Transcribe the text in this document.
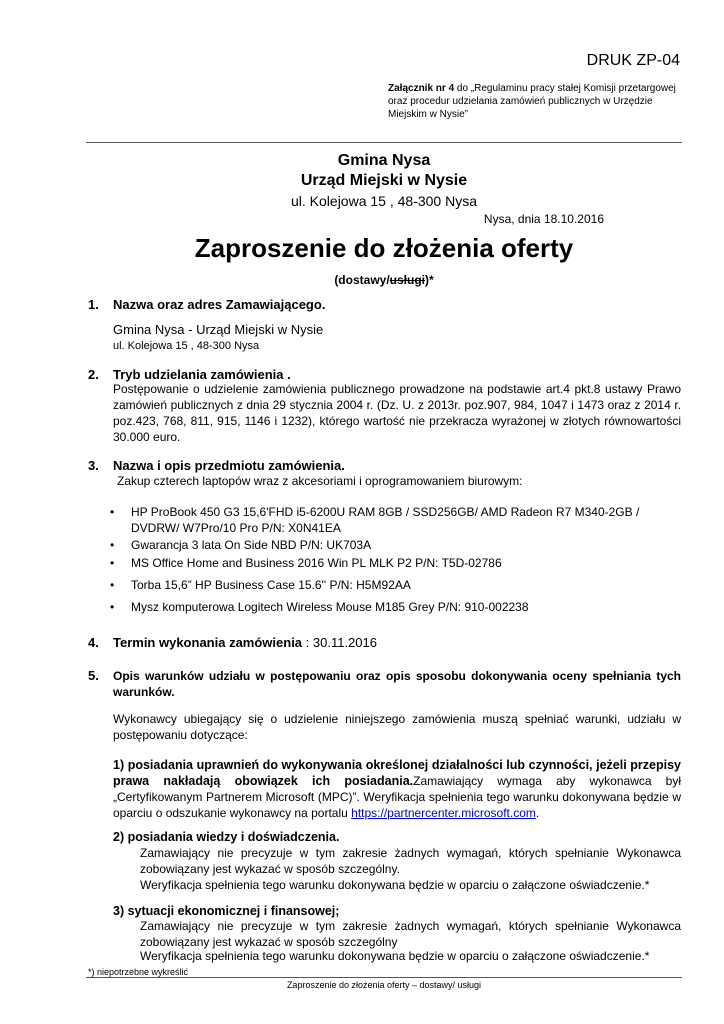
DRUK ZP-04
Załącznik nr 4 do „Regulaminu pracy stałej Komisji przetargowej oraz procedur udzielania zamówień publicznych w Urzędzie Miejskim w Nysie”
Gmina Nysa
Urząd Miejski w Nysie
ul. Kolejowa 15 , 48-300 Nysa
Nysa, dnia 18.10.2016
Zaproszenie do złożenia oferty
(dostawy/usługi)*
1. Nazwa oraz adres Zamawiającego.
Gmina Nysa - Urząd Miejski w Nysie
ul. Kolejowa 15 , 48-300 Nysa
2. Tryb udzielania zamówienia .
Postępowanie o udzielenie zamówienia publicznego prowadzone na podstawie art.4 pkt.8 ustawy Prawo zamówień publicznych z dnia 29 stycznia 2004 r. (Dz. U. z 2013r. poz.907, 984, 1047 i 1473 oraz z 2014 r. poz.423, 768, 811, 915, 1146 i 1232), którego wartość nie przekracza wyrażonej w złotych równowartości 30.000 euro.
3. Nazwa i opis przedmiotu zamówienia.
Zakup czterech laptopów wraz z akcesoriami i oprogramowaniem biurowym:
• HP ProBook 450 G3 15,6'FHD i5-6200U RAM 8GB / SSD256GB/ AMD Radeon R7 M340-2GB / DVDRW/ W7Pro/10 Pro P/N: X0N41EA
• Gwarancja 3 lata On Side NBD P/N: UK703A
• MS Office Home and Business 2016 Win PL MLK P2 P/N: T5D-02786
• Torba 15,6” HP Business Case 15.6'' P/N: H5M92AA
• Mysz komputerowa Logitech Wireless Mouse M185 Grey P/N: 910-002238
4. Termin wykonania zamówienia : 30.11.2016
5. Opis warunków udziału w postępowaniu oraz opis sposobu dokonywania oceny spełniania tych warunków.
Wykonawcy ubiegający się o udzielenie niniejszego zamówienia muszą spełniać warunki, udziału w postępowaniu dotyczące:
1) posiadania uprawnień do wykonywania określonej działalności lub czynności, jeżeli przepisy prawa nakładają obowiązek ich posiadania.Zamawiający wymaga aby wykonawca był „Certyfikowanym Partnerem Microsoft (MPC)”. Weryfikacja spełnienia tego warunku dokonywana będzie w oparciu o odszukanie wykonawcy na portalu https://partnercenter.microsoft.com.
2) posiadania wiedzy i doświadczenia.
Zamawiający nie precyzuje w tym zakresie żadnych wymagań, których spełnianie Wykonawca zobowiązany jest wykazać w sposób szczególny.
Weryfikacja spełnienia tego warunku dokonywana będzie w oparciu o załączone oświadczenie.*
3) sytuacji ekonomicznej i finansowej;
Zamawiający nie precyzuje w tym zakresie żadnych wymagań, których spełnianie Wykonawca zobowiązany jest wykazać w sposób szczególny
Weryfikacja spełnienia tego warunku dokonywana będzie w oparciu o załączone oświadczenie.*
*) niepotrzebne wykreślić
Zaproszenie do złożenia oferty – dostawy/ usługi
